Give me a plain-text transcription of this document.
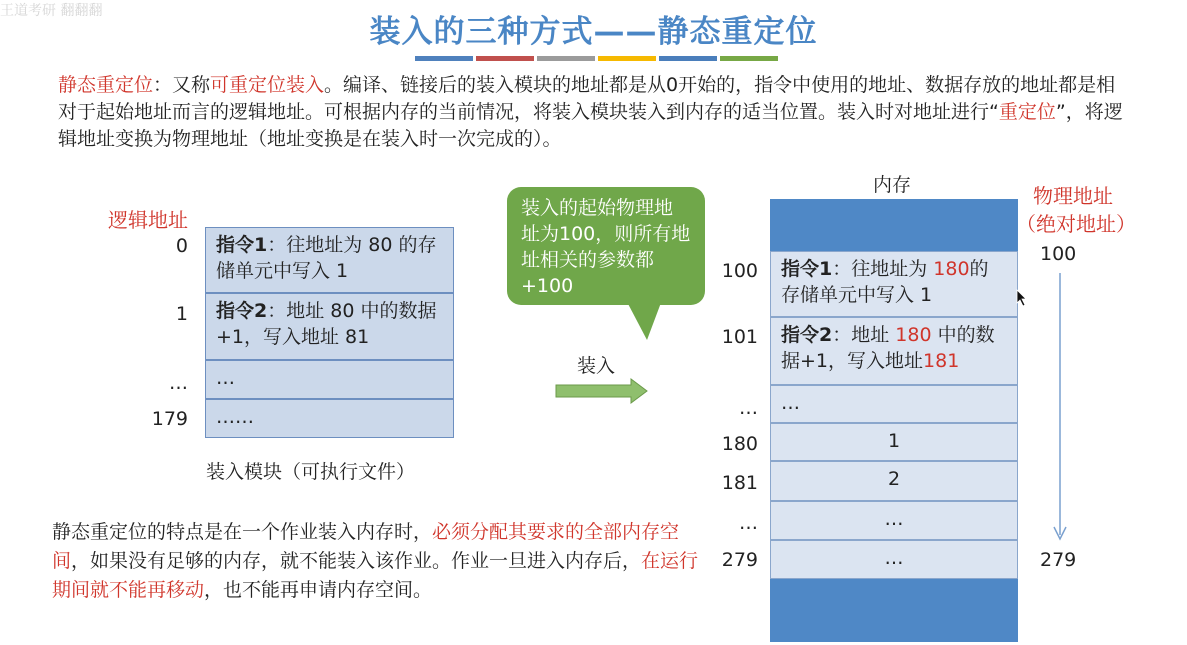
王道考研 翻翻翻
装入的三种方式——静态重定位
静态重定位：又称可重定位装入。编译、链接后的装入模块的地址都是从0开始的，指令中使用的地址、数据存放的地址都是相对于起始地址而言的逻辑地址。可根据内存的当前情况，将装入模块装入到内存的适当位置。装入时对地址进行“重定位”，将逻辑地址变换为物理地址（地址变换是在装入时一次完成的）。
逻辑地址
0
1
…
179
指令1：往地址为 80 的存储单元中写入 1
指令2：地址 80 中的数据+1，写入地址 81
…
……
装入模块（可执行文件）
装入的起始物理地址为100，则所有地址相关的参数都 +100
装入
内存
100
101
…
180
181
…
279
指令1：往地址为 180的存储单元中写入 1
指令2：地址 180 中的数据+1，写入地址181
…
1
2
…
…
物理地址
（绝对地址）
100
279
静态重定位的特点是在一个作业装入内存时，必须分配其要求的全部内存空间，如果没有足够的内存，就不能装入该作业。作业一旦进入内存后，在运行期间就不能再移动，也不能再申请内存空间。
